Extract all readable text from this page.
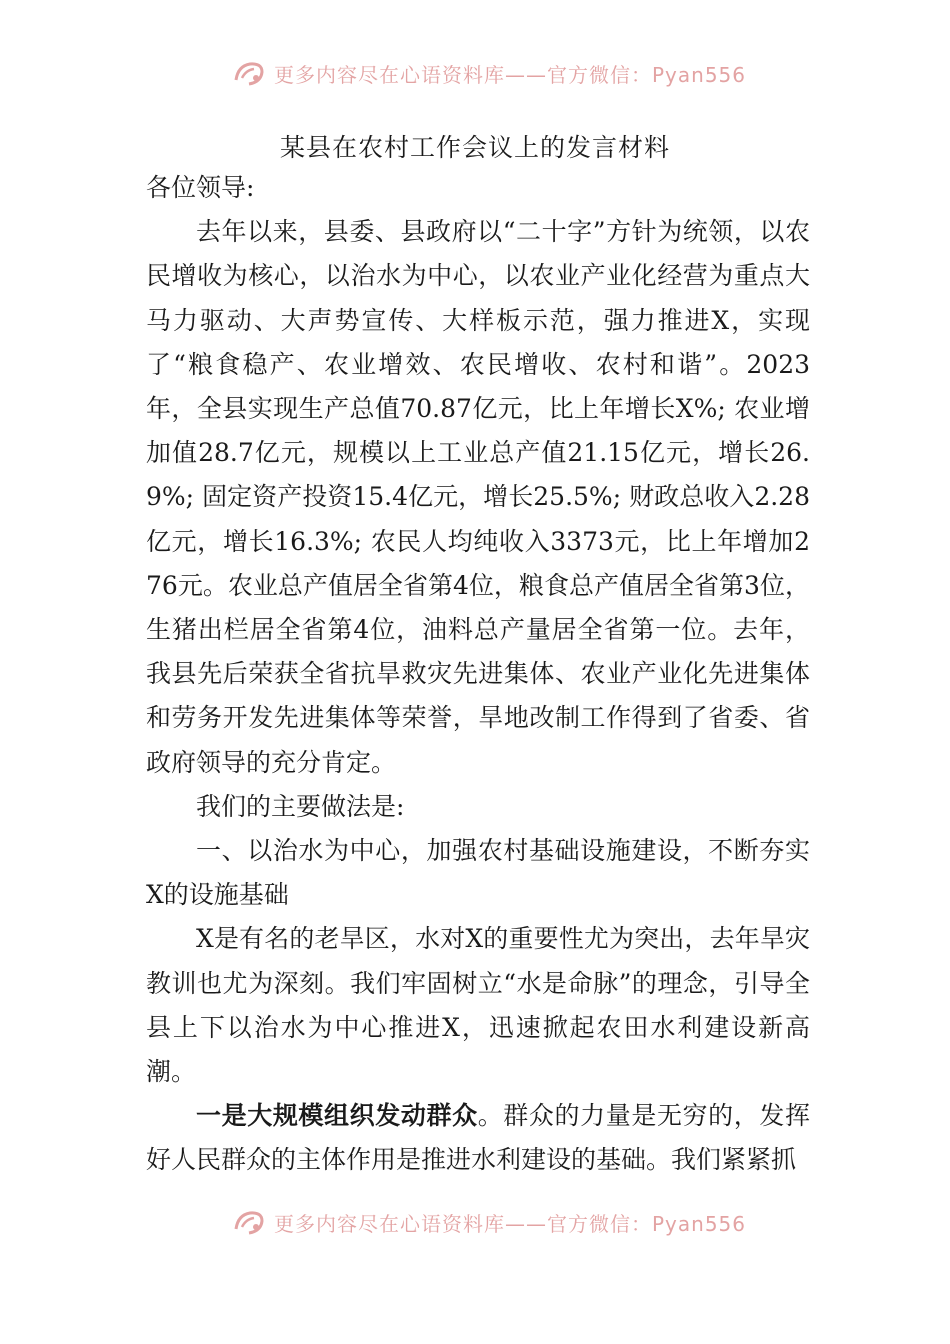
更多内容尽在心语资料库——官方微信：Pyan556
某县在农村工作会议上的发言材料

各位领导:

去年以来，县委、县政府以“二十字”方针为统领，以农民增收为核心，以治水为中心，以农业产业化经营为重点大马力驱动、大声势宣传、大样板示范，强力推进X，实现了“粮食稳产、农业增效、农民增收、农村和谐”。2023年，全县实现生产总值70.87亿元，比上年增长X%; 农业增加值28.7亿元，规模以上工业总产值21.15亿元，增长26.9%; 固定资产投资15.4亿元，增长25.5%; 财政总收入2.28亿元，增长16.3%; 农民人均纯收入3373元，比上年增加276元。农业总产值居全省第4位，粮食总产值居全省第3位，生猪出栏居全省第4位，油料总产量居全省第一位。去年，我县先后荣获全省抗旱救灾先进集体、农业产业化先进集体和劳务开发先进集体等荣誉，旱地改制工作得到了省委、省政府领导的充分肯定。

我们的主要做法是:

一、以治水为中心，加强农村基础设施建设，不断夯实X的设施基础

X是有名的老旱区，水对X的重要性尤为突出，去年旱灾教训也尤为深刻。我们牢固树立“水是命脉”的理念，引导全县上下以治水为中心推进X，迅速掀起农田水利建设新高潮。

一是大规模组织发动群众。群众的力量是无穷的，发挥好人民群众的主体作用是推进水利建设的基础。我们紧紧抓

更多内容尽在心语资料库——官方微信：Pyan556
